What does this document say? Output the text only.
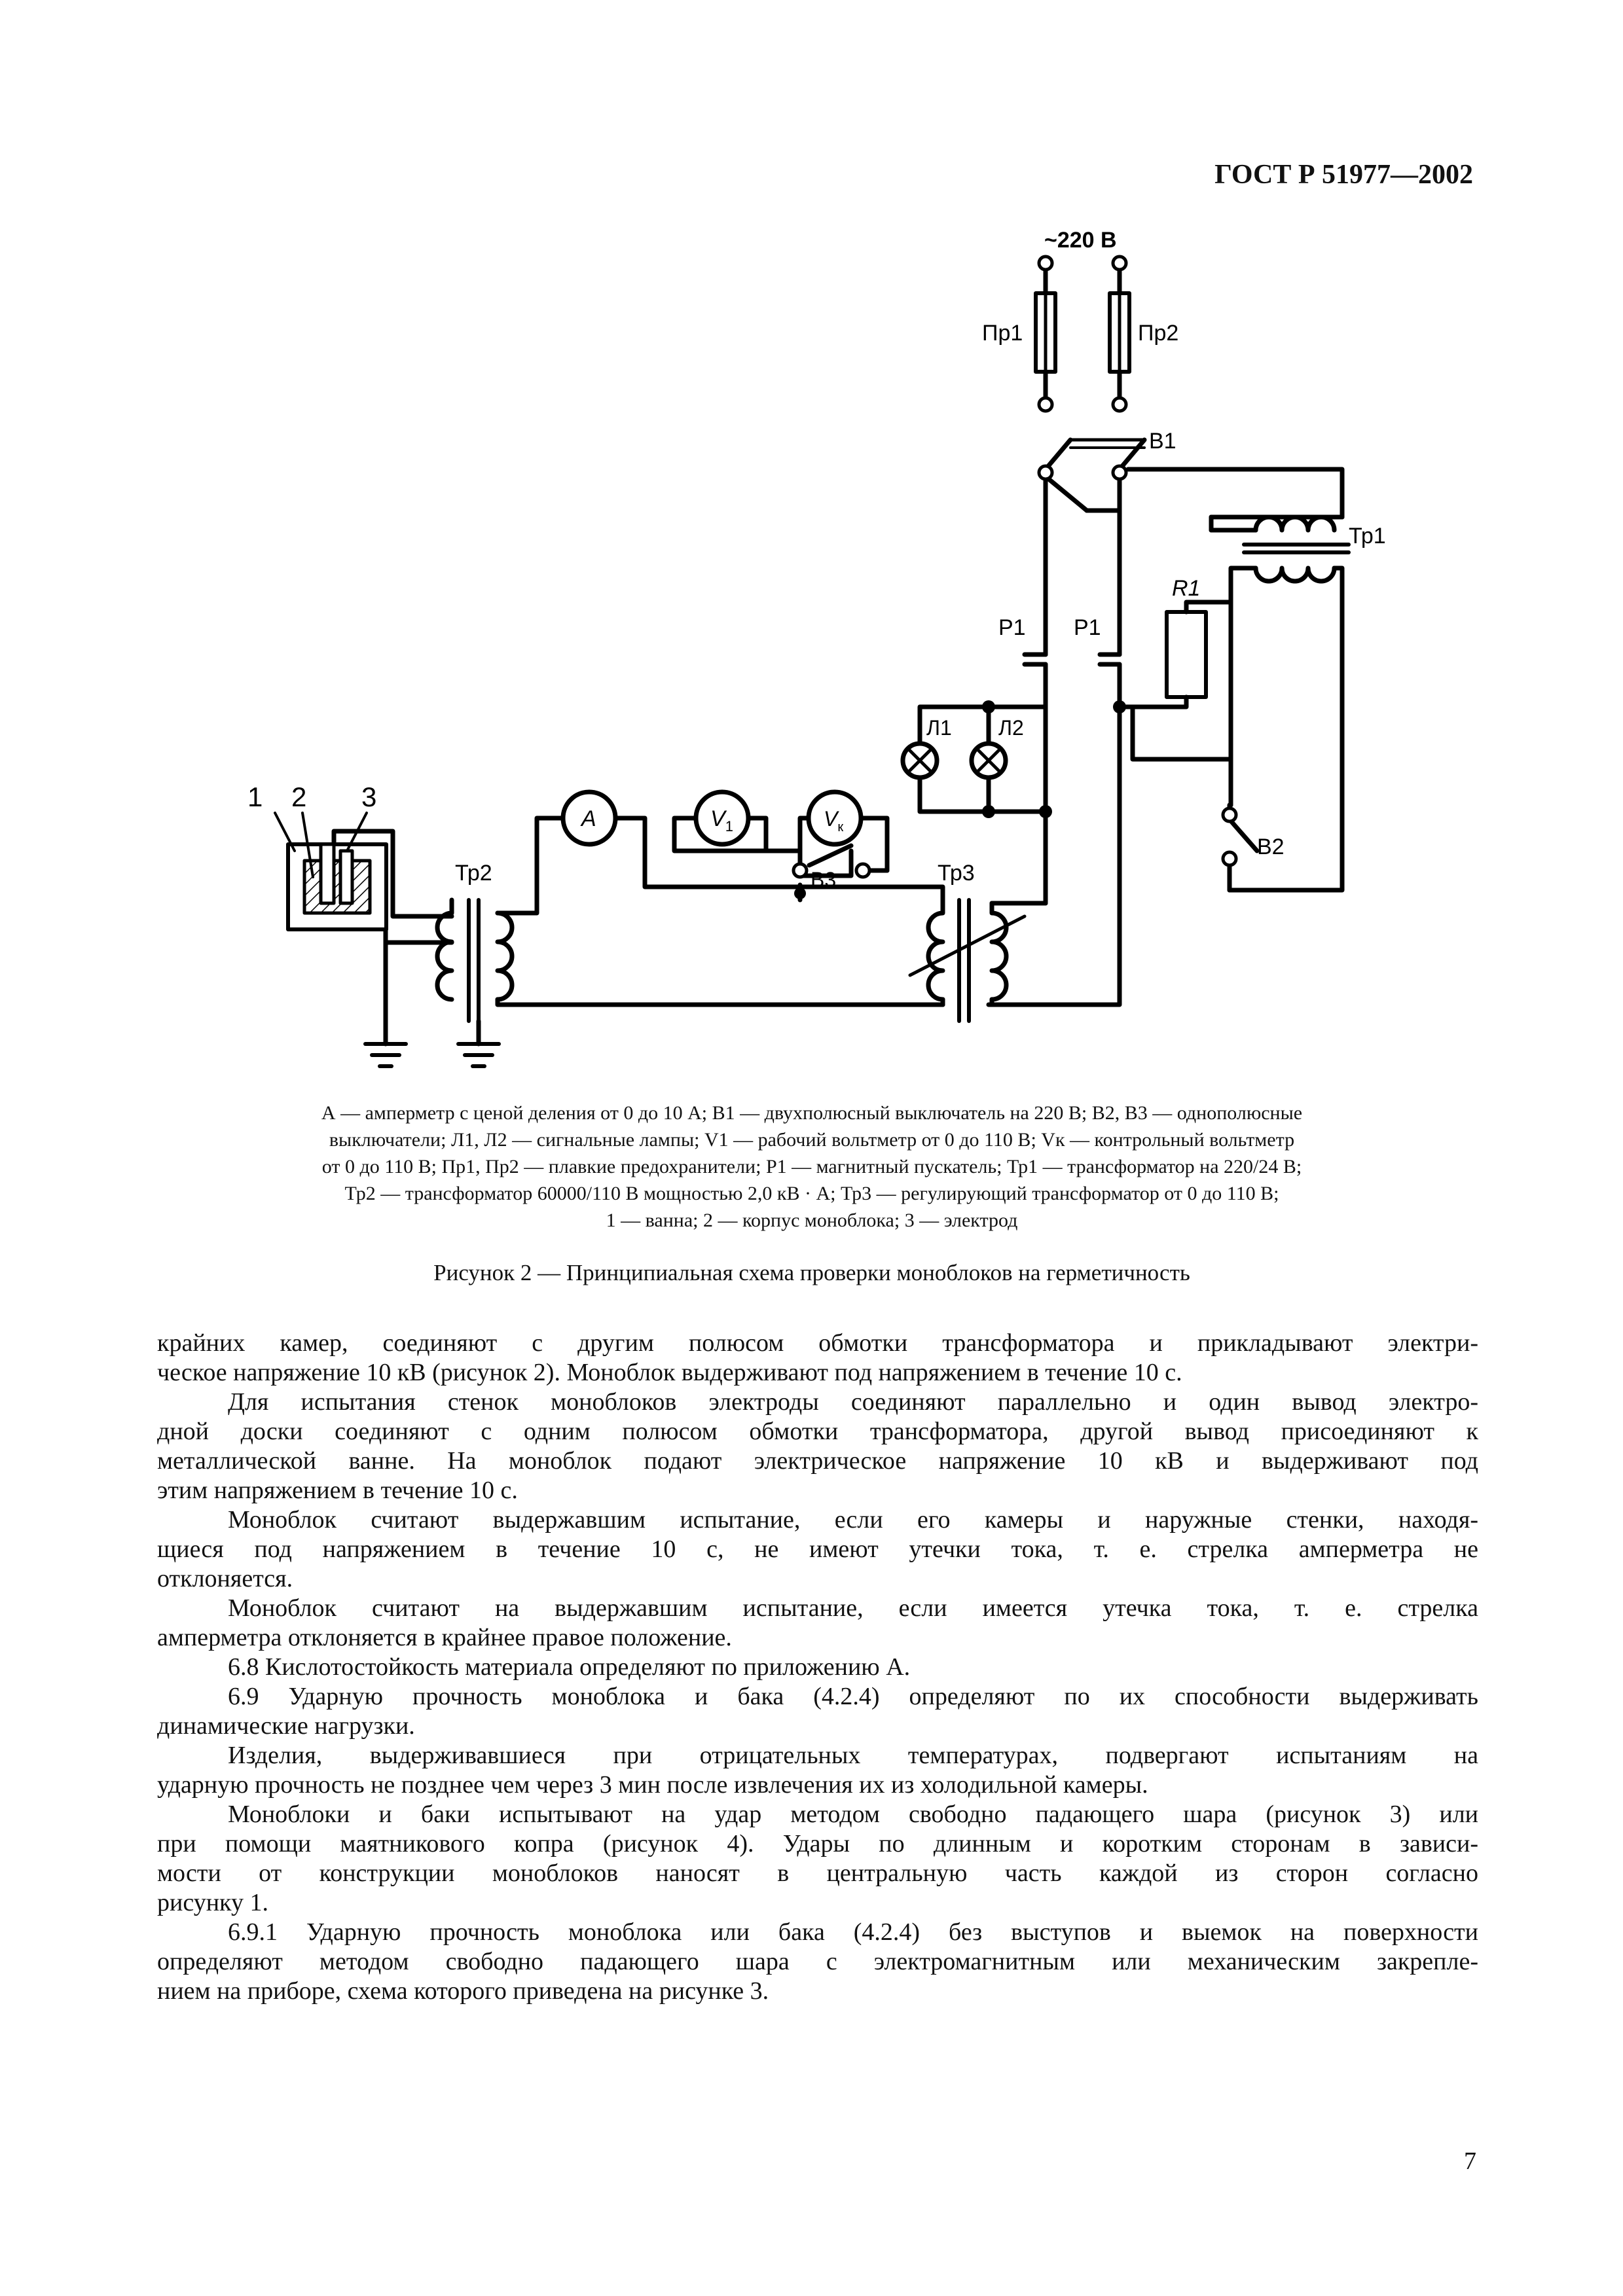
ГОСТ Р 51977—2002
~220 В
Пр1	Пр2
В1
Тр1
R1
Р1 Р1
Л1 Л2
В2
В3
Тр2	Тр3
A	$V_1$	$V_к$
1 2 3
А — амперметр с ценой деления от 0 до 10 А; В1 — двухполюсный выключатель на 220 В; В2, В3 — однополюсные
выключатели; Л1, Л2 — сигнальные лампы; V1 — рабочий вольтметр от 0 до 110 В; Vк — контрольный вольтметр
от 0 до 110 В; Пр1, Пр2 — плавкие предохранители; Р1 — магнитный пускатель; Тр1 — трансформатор на 220/24 В;
Тр2 — трансформатор 60000/110 В мощностью 2,0 кВ · А; Тр3 — регулирующий трансформатор от 0 до 110 В;
1 — ванна; 2 — корпус моноблока; 3 — электрод
Рисунок 2 — Принципиальная схема проверки моноблоков на герметичность

крайних камер, соединяют с другим полюсом обмотки трансформатора и прикладывают электри-

ческое напряжение 10 кВ (рисунок 2). Моноблок выдерживают под напряжением в течение 10 с.

Для испытания стенок моноблоков электроды соединяют параллельно и один вывод электро-

дной доски соединяют с одним полюсом обмотки трансформатора, другой вывод присоединяют к

металлической ванне. На моноблок подают электрическое напряжение 10 кВ и выдерживают под

этим напряжением в течение 10 с.

Моноблок считают выдержавшим испытание, если его камеры и наружные стенки, находя-

щиеся под напряжением в течение 10 с, не имеют утечки тока, т. е. стрелка амперметра не

отклоняется.

Моноблок считают на выдержавшим испытание, если имеется утечка тока, т. е. стрелка

амперметра отклоняется в крайнее правое положение.

6.8 Кислотостойкость материала определяют по приложению А.

6.9 Ударную прочность моноблока и бака (4.2.4) определяют по их способности выдерживать

динамические нагрузки.

Изделия, выдерживавшиеся при отрицательных температурах, подвергают испытаниям на

ударную прочность не позднее чем через 3 мин после извлечения их из холодильной камеры.

Моноблоки и баки испытывают на удар методом свободно падающего шара (рисунок 3) или

при помощи маятникового копра (рисунок 4). Удары по длинным и коротким сторонам в зависи-

мости от конструкции моноблоков наносят в центральную часть каждой из сторон согласно

рисунку 1.

6.9.1 Ударную прочность моноблока или бака (4.2.4) без выступов и выемок на поверхности

определяют методом свободно падающего шара с электромагнитным или механическим закрепле-

нием на приборе, схема которого приведена на рисунке 3.

7
